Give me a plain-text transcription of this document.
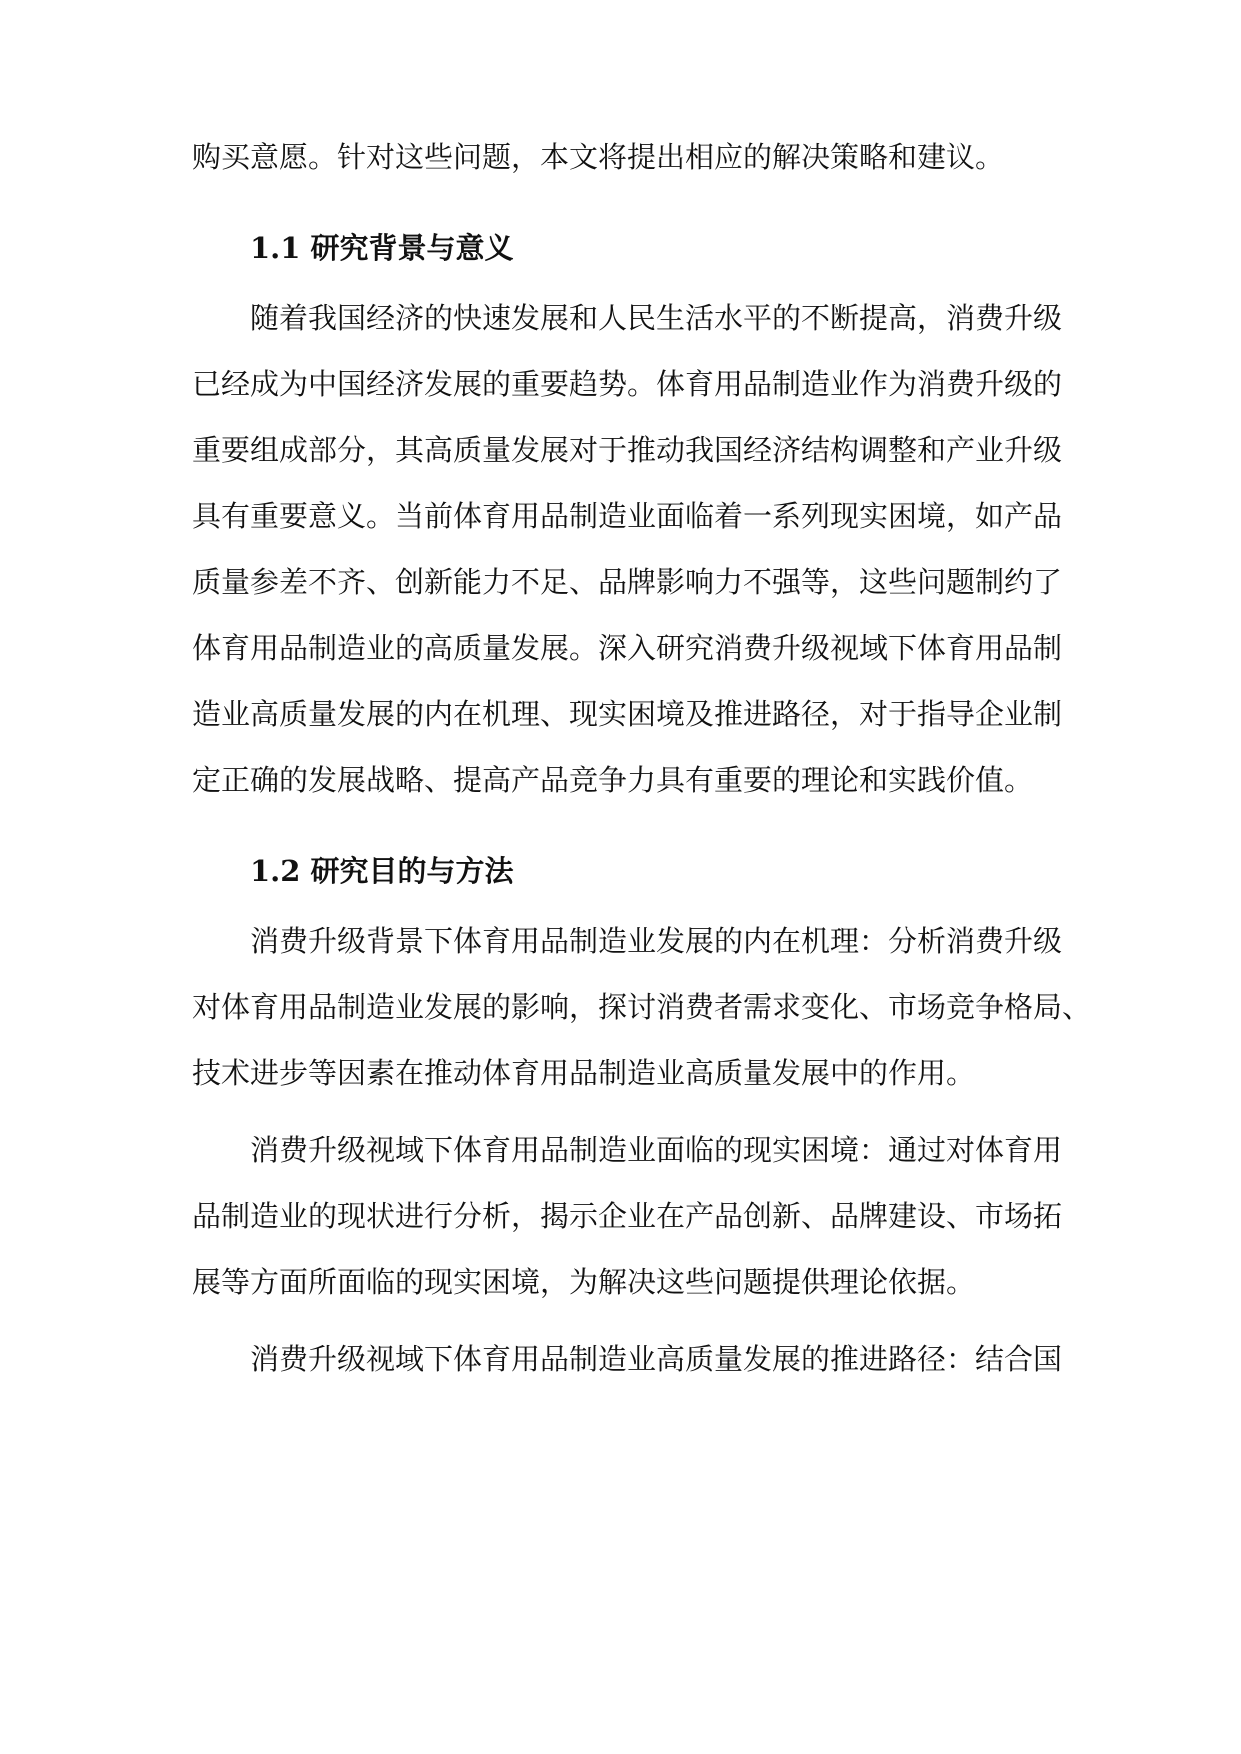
购买意愿。针对这些问题，本文将提出相应的解决策略和建议。
1.1 研究背景与意义
随着我国经济的快速发展和人民生活水平的不断提高，消费升级
已经成为中国经济发展的重要趋势。体育用品制造业作为消费升级的
重要组成部分，其高质量发展对于推动我国经济结构调整和产业升级
具有重要意义。当前体育用品制造业面临着一系列现实困境，如产品
质量参差不齐、创新能力不足、品牌影响力不强等，这些问题制约了
体育用品制造业的高质量发展。深入研究消费升级视域下体育用品制
造业高质量发展的内在机理、现实困境及推进路径，对于指导企业制
定正确的发展战略、提高产品竞争力具有重要的理论和实践价值。
1.2 研究目的与方法
消费升级背景下体育用品制造业发展的内在机理：分析消费升级
对体育用品制造业发展的影响，探讨消费者需求变化、市场竞争格局、
技术进步等因素在推动体育用品制造业高质量发展中的作用。
消费升级视域下体育用品制造业面临的现实困境：通过对体育用
品制造业的现状进行分析，揭示企业在产品创新、品牌建设、市场拓
展等方面所面临的现实困境，为解决这些问题提供理论依据。
消费升级视域下体育用品制造业高质量发展的推进路径：结合国
